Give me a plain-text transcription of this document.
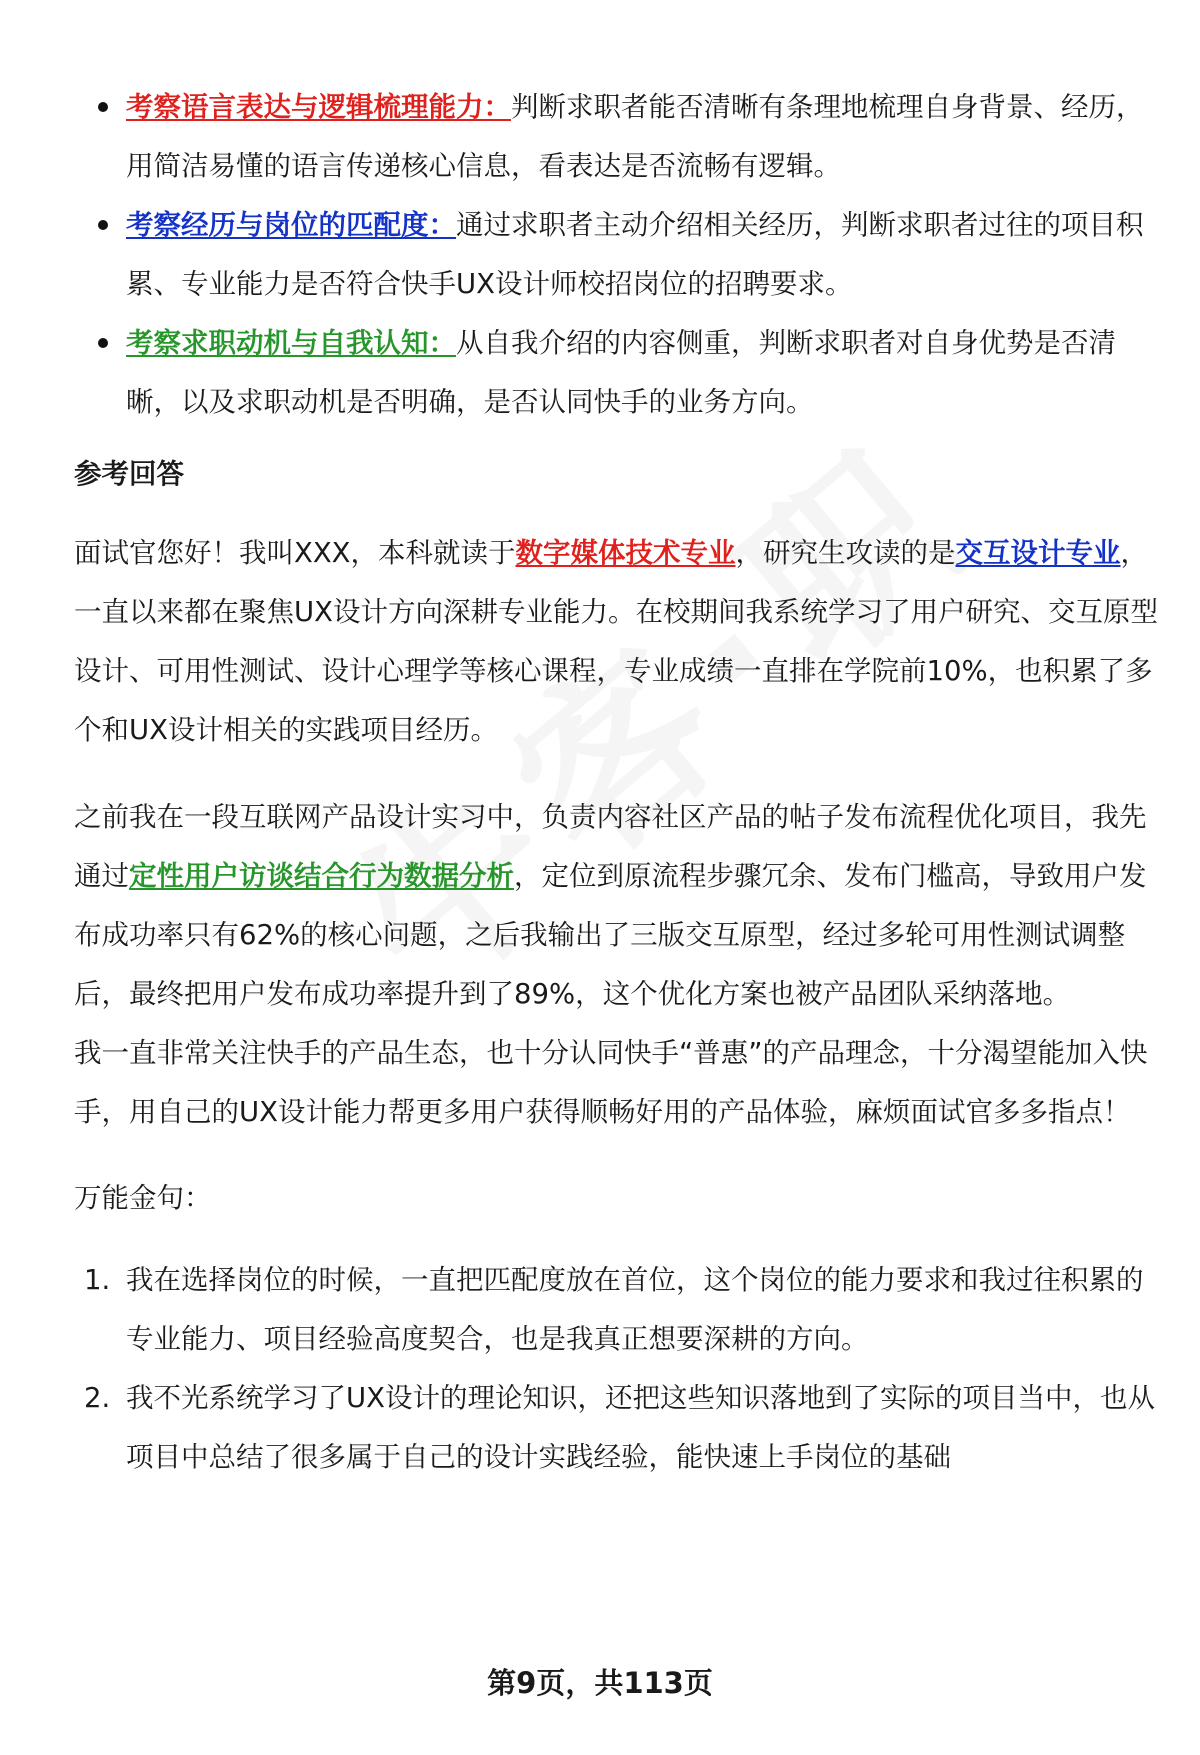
考察语言表达与逻辑梳理能力：判断求职者能否清晰有条理地梳理自身背景、经历，用简洁易懂的语言传递核心信息，看表达是否流畅有逻辑。
考察经历与岗位的匹配度：通过求职者主动介绍相关经历，判断求职者过往的项目积累、专业能力是否符合快手UX设计师校招岗位的招聘要求。
考察求职动机与自我认知：从自我介绍的内容侧重，判断求职者对自身优势是否清晰，以及求职动机是否明确，是否认同快手的业务方向。
参考回答

面试官您好！我叫XXX，本科就读于数字媒体技术专业，研究生攻读的是交互设计专业，一直以来都在聚焦UX设计方向深耕专业能力。在校期间我系统学习了用户研究、交互原型设计、可用性测试、设计心理学等核心课程，专业成绩一直排在学院前10%，也积累了多个和UX设计相关的实践项目经历。

之前我在一段互联网产品设计实习中，负责内容社区产品的帖子发布流程优化项目，我先通过定性用户访谈结合行为数据分析，定位到原流程步骤冗余、发布门槛高，导致用户发布成功率只有62%的核心问题，之后我输出了三版交互原型，经过多轮可用性测试调整后，最终把用户发布成功率提升到了89%，这个优化方案也被产品团队采纳落地。

我一直非常关注快手的产品生态，也十分认同快手“普惠”的产品理念，十分渴望能加入快手，用自己的UX设计能力帮更多用户获得顺畅好用的产品体验，麻烦面试官多多指点！

万能金句：

1. 我在选择岗位的时候，一直把匹配度放在首位，这个岗位的能力要求和我过往积累的专业能力、项目经验高度契合，也是我真正想要深耕的方向。
2. 我不光系统学习了UX设计的理论知识，还把这些知识落地到了实际的项目当中，也从项目中总结了很多属于自己的设计实践经验，能快速上手岗位的基础
第9页，共113页
